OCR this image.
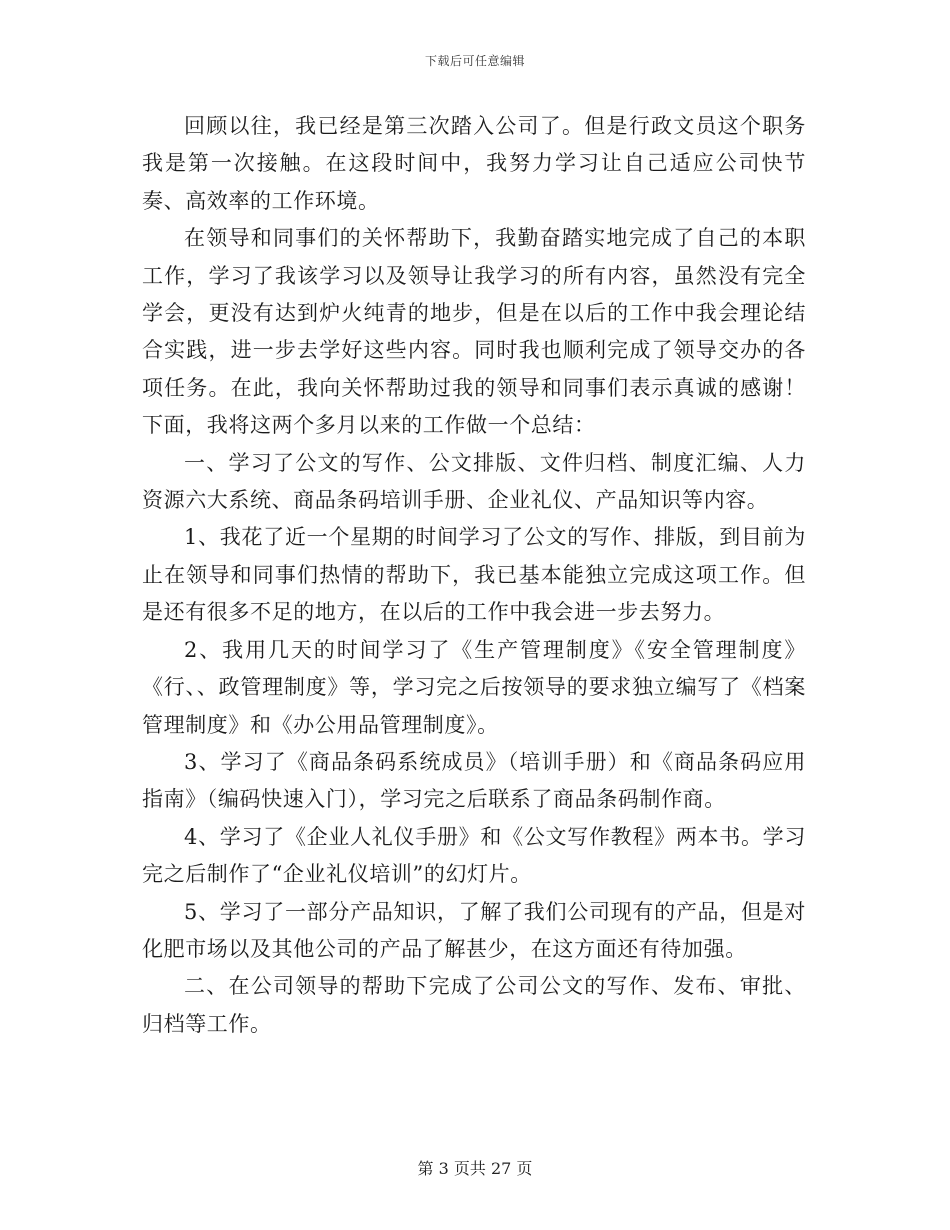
下载后可任意编辑

回顾以往，我已经是第三次踏入公司了。但是行政文员这个职务我是第一次接触。在这段时间中，我努力学习让自己适应公司快节奏、高效率的工作环境。

在领导和同事们的关怀帮助下，我勤奋踏实地完成了自己的本职工作，学习了我该学习以及领导让我学习的所有内容，虽然没有完全学会，更没有达到炉火纯青的地步，但是在以后的工作中我会理论结合实践，进一步去学好这些内容。同时我也顺利完成了领导交办的各项任务。在此，我向关怀帮助过我的领导和同事们表示真诚的感谢！下面，我将这两个多月以来的工作做一个总结：

一、学习了公文的写作、公文排版、文件归档、制度汇编、人力资源六大系统、商品条码培训手册、企业礼仪、产品知识等内容。

1、我花了近一个星期的时间学习了公文的写作、排版，到目前为止在领导和同事们热情的帮助下，我已基本能独立完成这项工作。但是还有很多不足的地方，在以后的工作中我会进一步去努力。

2、我用几天的时间学习了《生产管理制度》《安全管理制度》《行、、政管理制度》等，学习完之后按领导的要求独立编写了《档案管理制度》和《办公用品管理制度》。

3、学习了《商品条码系统成员》（培训手册）和《商品条码应用指南》（编码快速入门），学习完之后联系了商品条码制作商。

4、学习了《企业人礼仪手册》和《公文写作教程》两本书。学习完之后制作了“企业礼仪培训”的幻灯片。

5、学习了一部分产品知识，了解了我们公司现有的产品，但是对化肥市场以及其他公司的产品了解甚少，在这方面还有待加强。

二、在公司领导的帮助下完成了公司公文的写作、发布、审批、归档等工作。

第 3 页共 27 页
